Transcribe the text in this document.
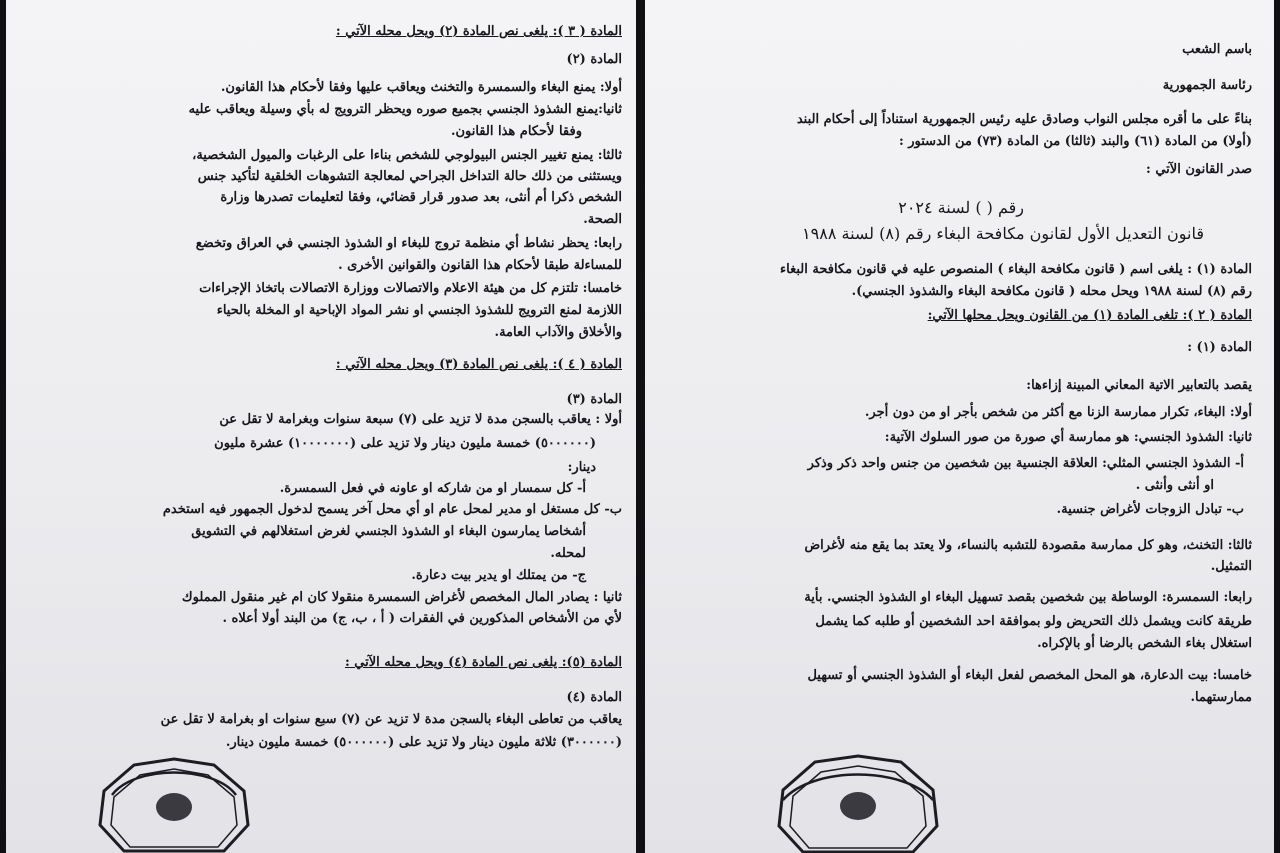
المادة ( ٣ ): يلغى نص المادة (٢) ويحل محله الآتي :
المادة (٢)
أولا: يمنع البغاء والسمسرة والتخنث ويعاقب عليها وفقا لأحكام هذا القانون.
ثانيا:يمنع الشذوذ الجنسي بجميع صوره ويحظر الترويج له بأي وسيلة ويعاقب عليه
وفقا لأحكام هذا القانون.
ثالثا: يمنع تغيير الجنس البيولوجي للشخص بناءا على الرغبات والميول الشخصية،
ويستثنى من ذلك حالة التداخل الجراحي لمعالجة التشوهات الخلقية لتأكيد جنس
الشخص ذكرا أم أنثى، بعد صدور قرار قضائي، وفقا لتعليمات تصدرها وزارة
الصحة.
رابعا: يحظر نشاط أي منظمة تروج للبغاء او الشذوذ الجنسي في العراق وتخضع
للمساءلة طبقا لأحكام هذا القانون والقوانين الأخرى .
خامسا: تلتزم كل من هيئة الاعلام والاتصالات ووزارة الاتصالات باتخاذ الإجراءات
اللازمة لمنع الترويج للشذوذ الجنسي او نشر المواد الإباحية او المخلة بالحياء
والأخلاق والآداب العامة.
المادة ( ٤ ): يلغى نص المادة (٣) ويحل محله الآتي :
المادة (٣)
أولا : يعاقب بالسجن مدة لا تزيد على (٧) سبعة سنوات وبغرامة لا تقل عن
(٥٠٠٠٠٠٠) خمسة مليون دينار ولا تزيد على (١٠٠٠٠٠٠٠) عشرة مليون
دينار:
أ- كل سمسار او من شاركه او عاونه في فعل السمسرة.
ب- كل مستغل او مدير لمحل عام او أي محل آخر يسمح لدخول الجمهور فيه استخدم
أشخاصا يمارسون البغاء او الشذوذ الجنسي لغرض استغلالهم في التشويق
لمحله.
ج- من يمتلك او يدير بيت دعارة.
ثانيا : يصادر المال المخصص لأغراض السمسرة منقولا كان ام غير منقول المملوك
لأي من الأشخاص المذكورين في الفقرات ( أ ، ب، ج) من البند أولا أعلاه .
المادة (٥): يلغى نص المادة (٤) ويحل محله الآتي :
المادة (٤)
يعاقب من تعاطى البغاء بالسجن مدة لا تزيد عن (٧) سبع سنوات او بغرامة لا تقل عن
(٣٠٠٠٠٠٠) ثلاثة مليون دينار ولا تزيد على (٥٠٠٠٠٠٠) خمسة مليون دينار.
باسم الشعب
رئاسة الجمهورية
بناءً على ما أقره مجلس النواب وصادق عليه رئيس الجمهورية استناداً إلى أحكام البند
(أولا) من المادة (٦١) والبند (ثالثا) من المادة (٧٣) من الدستور :
صدر القانون الآتي :
رقم ( ) لسنة ٢٠٢٤
قانون التعديل الأول لقانون مكافحة البغاء رقم (٨) لسنة ١٩٨٨
المادة (١) : يلغى اسم ( قانون مكافحة البغاء ) المنصوص عليه في قانون مكافحة البغاء
رقم (٨) لسنة ١٩٨٨ ويحل محله ( قانون مكافحة البغاء والشذوذ الجنسي).
المادة ( ٢ ): تلغى المادة (١) من القانون ويحل محلها الآتي:
المادة (١) :
يقصد بالتعابير الاتية المعاني المبينة إزاءها:
أولا: البغاء، تكرار ممارسة الزنا مع أكثر من شخص بأجر او من دون أجر.
ثانيا: الشذوذ الجنسي: هو ممارسة أي صورة من صور السلوك الآتية:
أ- الشذوذ الجنسي المثلي: العلاقة الجنسية بين شخصين من جنس واحد ذكر وذكر
او أنثى وأنثى .
ب- تبادل الزوجات لأغراض جنسية.
ثالثا: التخنث، وهو كل ممارسة مقصودة للتشبه بالنساء، ولا يعتد بما يقع منه لأغراض
التمثيل.
رابعا: السمسرة: الوساطة بين شخصين بقصد تسهيل البغاء او الشذوذ الجنسي. بأية
طريقة كانت ويشمل ذلك التحريض ولو بموافقة احد الشخصين أو طلبه كما يشمل
استغلال بغاء الشخص بالرضا أو بالإكراه.
خامسا: بيت الدعارة، هو المحل المخصص لفعل البغاء أو الشذوذ الجنسي أو تسهيل
ممارستهما.
